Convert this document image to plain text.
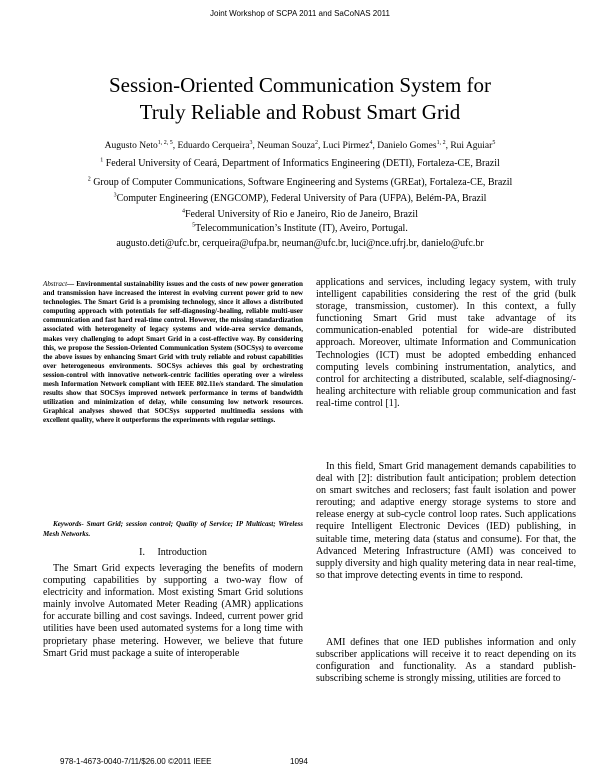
Joint Workshop of SCPA 2011 and SaCoNAS 2011
Session-Oriented Communication System for
Truly Reliable and Robust Smart Grid
Augusto Neto$^{1, 2, 5}$, Eduardo Cerqueira$^3$, Neuman Souza$^2$, Luci Pirmez$^4$, Danielo Gomes$^{1, 2}$, Rui Aguiar$^5$
$^1$ Federal University of Ceará, Department of Informatics Engineering (DETI), Fortaleza-CE, Brazil
$^2$ Group of Computer Communications, Software Engineering and Systems (GREat), Fortaleza-CE, Brazil
$^3$Computer Engineering (ENGCOMP), Federal University of Para (UFPA), Belém-PA, Brazil
$^4$Federal University of Rio e Janeiro, Rio de Janeiro, Brazil
$^5$Telecommunication’s Institute (IT), Aveiro, Portugal.
augusto.deti@ufc.br, cerqueira@ufpa.br, neuman@ufc.br, luci@nce.ufrj.br, danielo@ufc.br
Abstract— Environmental sustainability issues and the costs of new power generation and transmission have increased the interest in evolving current power grid to new technologies. The Smart Grid is a promising technology, since it allows a distributed computing approach with potentials for self-diagnosing/-healing, reliable multi-user communication and fast hard real-time control. However, the missing standardization associated with heterogeneity of legacy systems and wide-area service demands, makes very challenging to adopt Smart Grid in a cost-effective way. By considering this, we propose the Session-Oriented Communication System (SOCSys) to overcome the above issues by enhancing Smart Grid with truly reliable and robust capabilities over heterogeneous environments. SOCSys achieves this goal by orchestrating session-control with innovative network-centric facilities operating over a wireless mesh Information Network compliant with IEEE 802.11e/s standard. The simulation results show that SOCSys improved network performance in terms of bandwidth utilization and minimization of delay, while consuming low network resources. Graphical analyses showed that SOCSys supported multimedia sessions with excellent quality, where it outperforms the experiments with regular settings.
Keywords- Smart Grid; session control; Quality of Service; IP Multicast; Wireless Mesh Networks.
I.  Introduction
The Smart Grid expects leveraging the benefits of modern computing capabilities by supporting a two-way flow of electricity and information. Most existing Smart Grid solutions mainly involve Automated Meter Reading (AMR) applications for accurate billing and cost savings. Indeed, current power grid utilities have been used automated systems for a long time with proprietary phase metering. However, we believe that future Smart Grid must package a suite of interoperable
applications and services, including legacy system, with truly intelligent capabilities considering the rest of the grid (bulk storage, transmission, customer). In this context, a fully functioning Smart Grid must take advantage of its communication-enabled potential for wide-are distributed approach. Moreover, ultimate Information and Communication Technologies (ICT) must be adopted embedding enhanced computing levels combining instrumentation, analytics, and control for architecting a distributed, scalable, self-diagnosing/-healing architecture with reliable group communication and fast real-time control [1].
In this field, Smart Grid management demands capabilities to deal with [2]: distribution fault anticipation; problem detection on smart switches and reclosers; fast fault isolation and power rerouting; and adaptive energy storage systems to store and release energy at sub-cycle control loop rates. Such applications require Intelligent Electronic Devices (IED) publishing, in suitable time, metering data (status and consume). For that, the Advanced Metering Infrastructure (AMI) was conceived to supply diversity and high quality metering data in near real-time, so that improve detecting events in time to respond.
AMI defines that one IED publishes information and only subscriber applications will receive it to react depending on its configuration and functionality. As a standard publish-subscribing scheme is strongly missing, utilities are forced to
978-1-4673-0040-7/11/$26.00 ©2011 IEEE	1094
